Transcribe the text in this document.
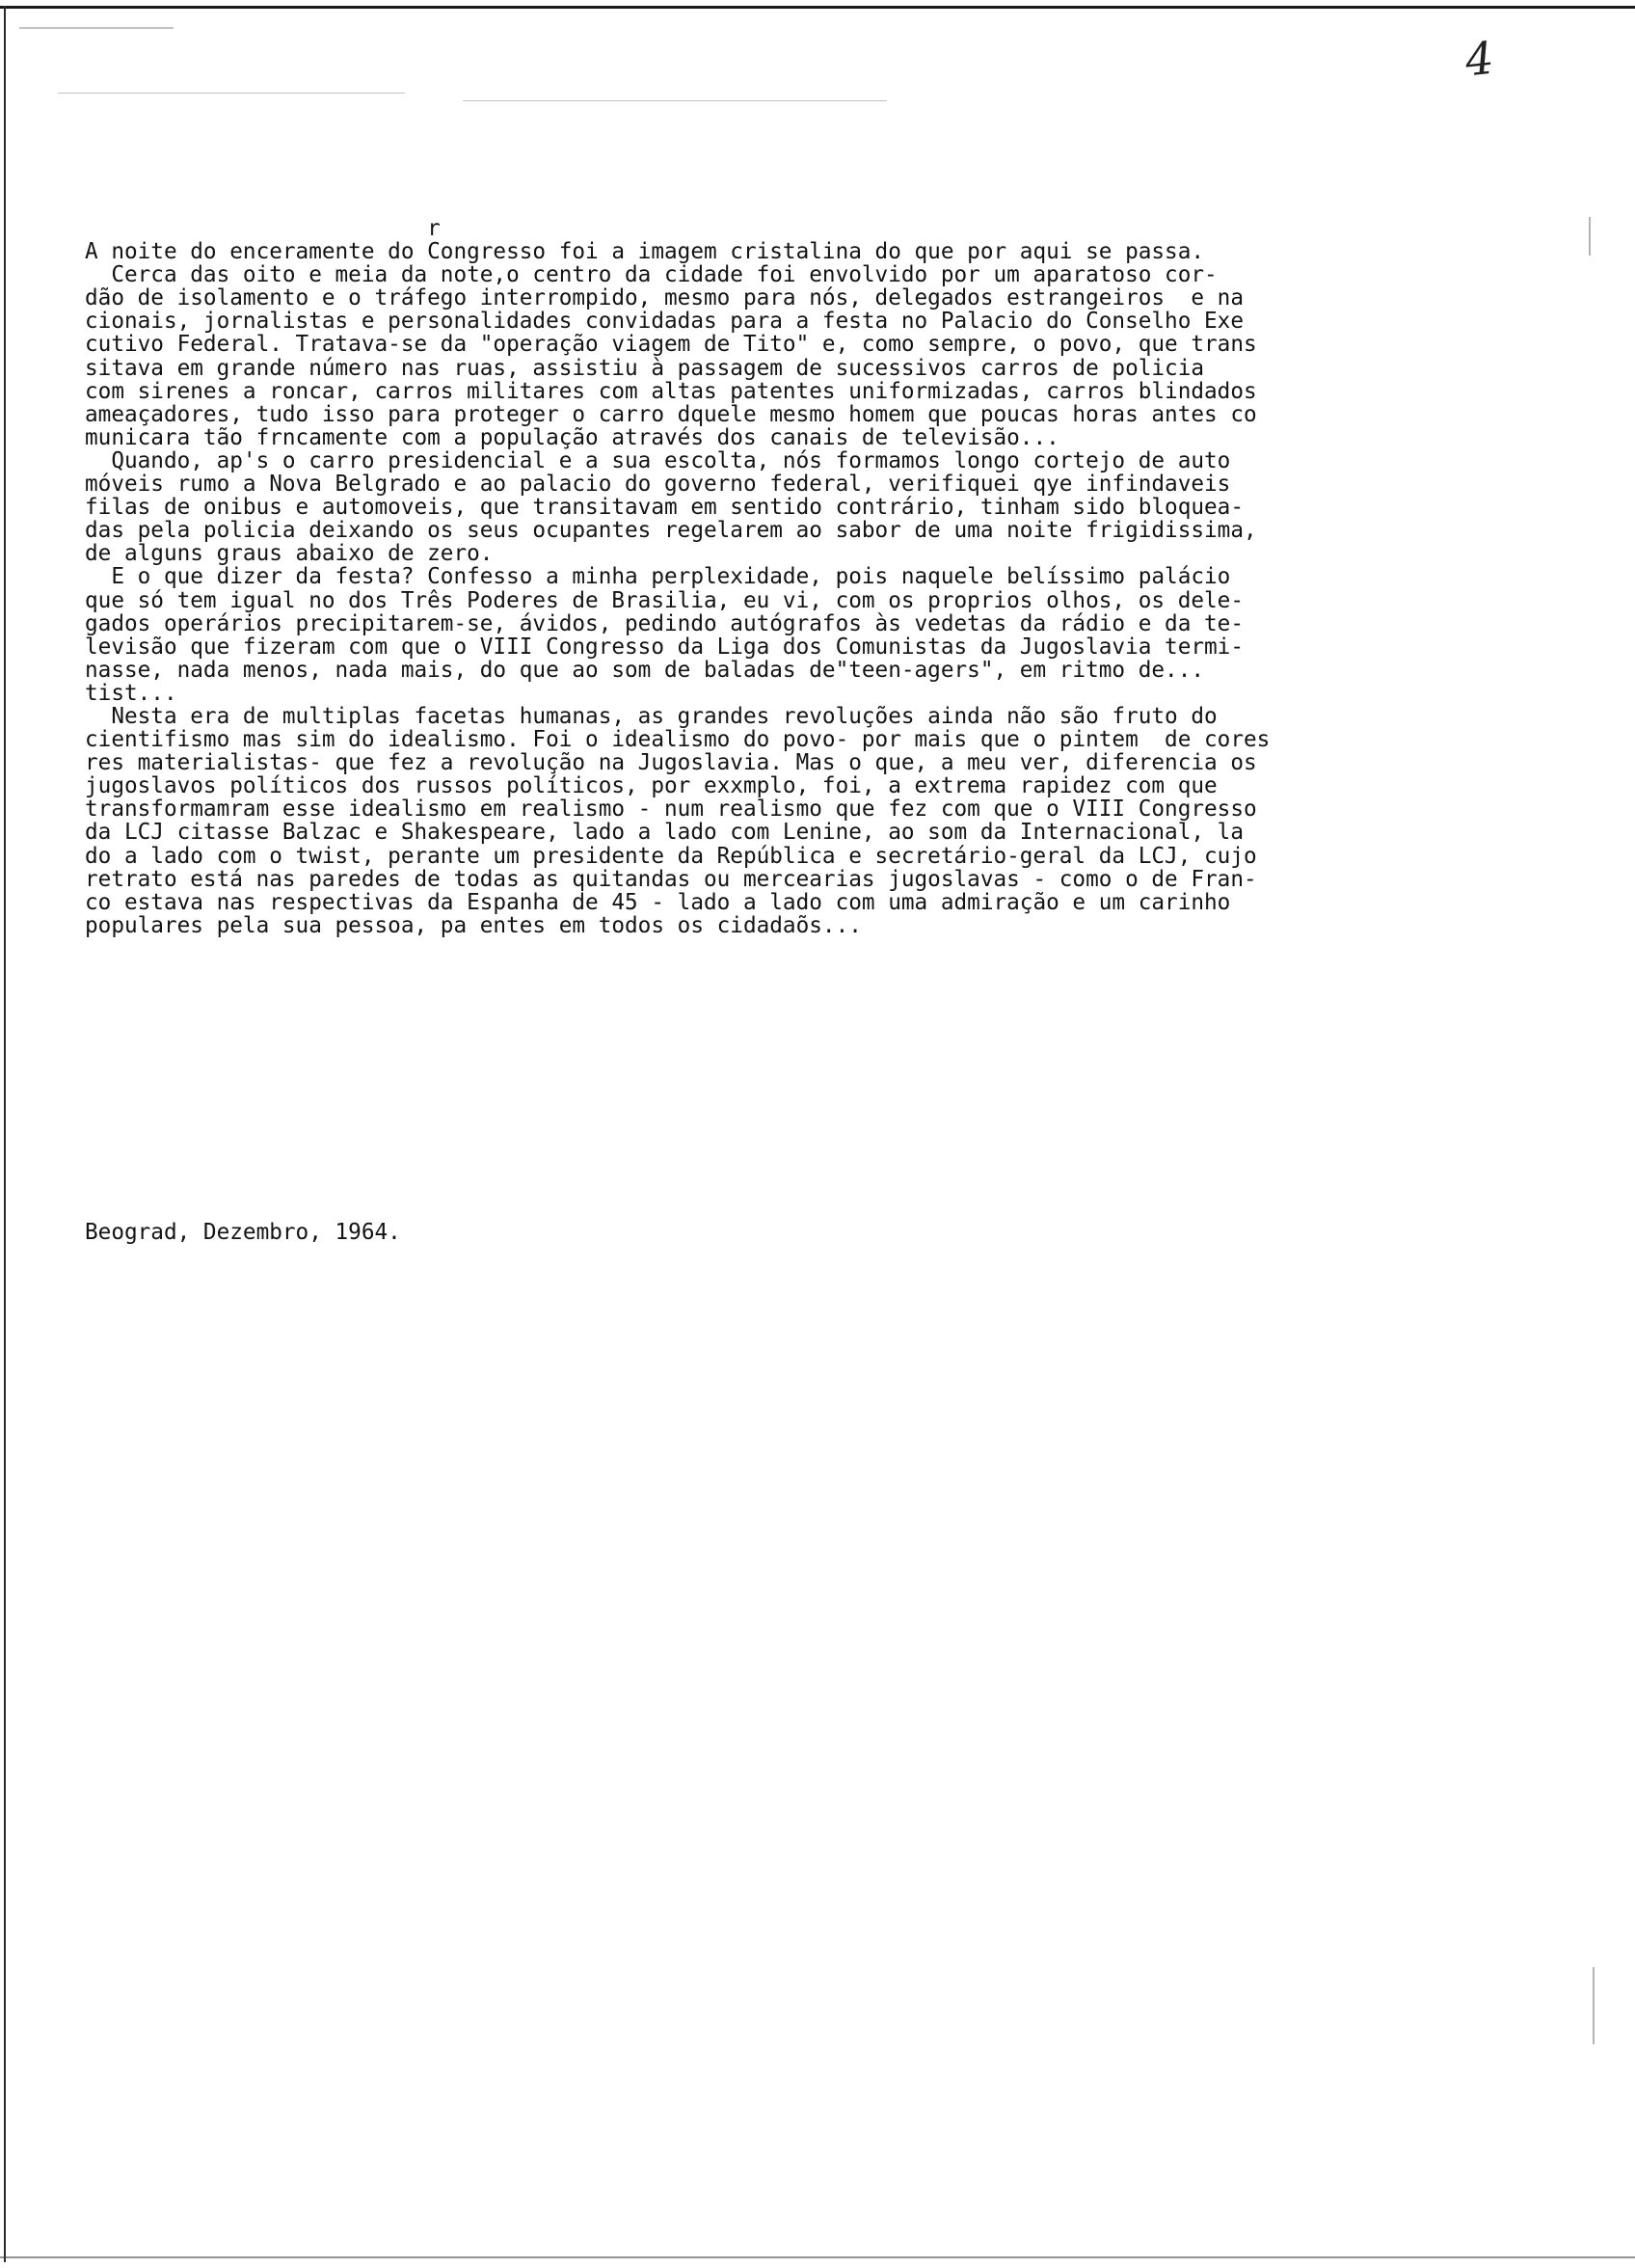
4
r
A noite do enceramente do Congresso foi a imagem cristalina do que por aqui se passa.
Cerca das oito e meia da note,o centro da cidade foi envolvido por um aparatoso cor-
dão de isolamento e o tráfego interrompido, mesmo para nós, delegados estrangeiros  e na
cionais, jornalistas e personalidades convidadas para a festa no Palacio do Conselho Exe
cutivo Federal. Tratava-se da "operação viagem de Tito" e, como sempre, o povo, que trans
sitava em grande número nas ruas, assistiu à passagem de sucessivos carros de policia
com sirenes a roncar, carros militares com altas patentes uniformizadas, carros blindados
ameaçadores, tudo isso para proteger o carro dquele mesmo homem que poucas horas antes co
municara tão frncamente com a população através dos canais de televisão...
Quando, ap's o carro presidencial e a sua escolta, nós formamos longo cortejo de auto
móveis rumo a Nova Belgrado e ao palacio do governo federal, verifiquei qye infindaveis
filas de onibus e automoveis, que transitavam em sentido contrário, tinham sido bloquea-
das pela policia deixando os seus ocupantes regelarem ao sabor de uma noite frigidissima,
de alguns graus abaixo de zero.
E o que dizer da festa? Confesso a minha perplexidade, pois naquele belíssimo palácio
que só tem igual no dos Três Poderes de Brasilia, eu vi, com os proprios olhos, os dele-
gados operários precipitarem-se, ávidos, pedindo autógrafos às vedetas da rádio e da te-
levisão que fizeram com que o VIII Congresso da Liga dos Comunistas da Jugoslavia termi-
nasse, nada menos, nada mais, do que ao som de baladas de"teen-agers", em ritmo de...
tist...
Nesta era de multiplas facetas humanas, as grandes revoluções ainda não são fruto do
cientifismo mas sim do idealismo. Foi o idealismo do povo- por mais que o pintem  de cores
res materialistas- que fez a revolução na Jugoslavia. Mas o que, a meu ver, diferencia os
jugoslavos políticos dos russos políticos, por exxmplo, foi, a extrema rapidez com que
transformamram esse idealismo em realismo - num realismo que fez com que o VIII Congresso
da LCJ citasse Balzac e Shakespeare, lado a lado com Lenine, ao som da Internacional, la
do a lado com o twist, perante um presidente da República e secretário-geral da LCJ, cujo
retrato está nas paredes de todas as quitandas ou mercearias jugoslavas - como o de Fran-
co estava nas respectivas da Espanha de 45 - lado a lado com uma admiração e um carinho
populares pela sua pessoa, pa entes em todos os cidadaõs...
Beograd, Dezembro, 1964.
